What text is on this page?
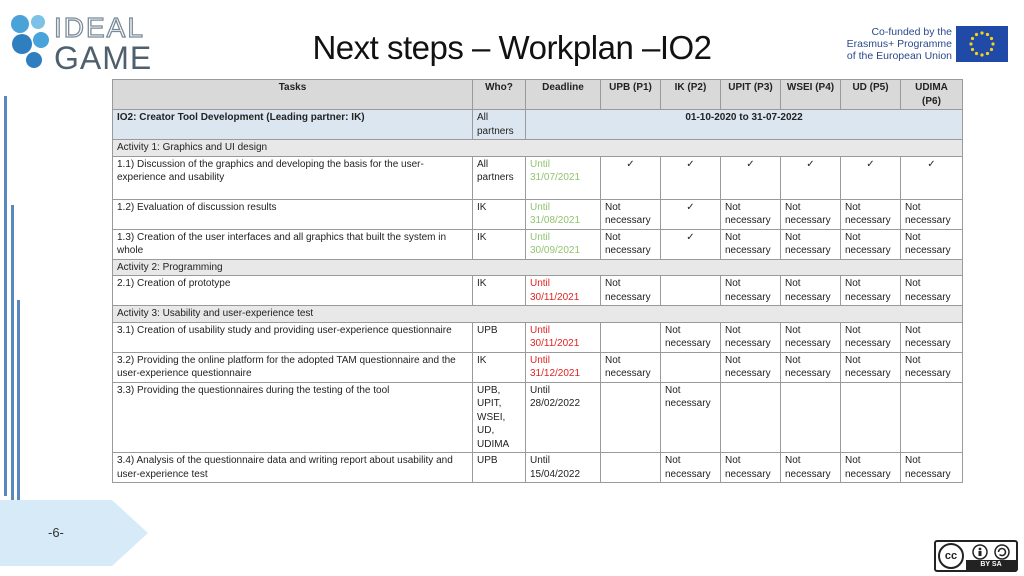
IDEAL
GAME	Next steps – Workplan –IO2	Co-funded by the
Erasmus+ Programme
of the European Union
Tasks	Who?	Deadline	UPB (P1)	IK (P2)	UPIT (P3)	WSEI (P4)	UD (P5)	UDIMA (P6)
IO2: Creator Tool Development (Leading partner: IK)	All partners	01-10-2020 to 31-07-2022						
Activity 1: Graphics and UI design								
1.1) Discussion of the graphics and developing the basis for the user-experience and usability	All partners	Until 31/07/2021	✓	✓	✓	✓	✓	✓
1.2) Evaluation of discussion results	IK	Until 31/08/2021	Not necessary	✓	Not necessary	Not necessary	Not necessary	Not necessary
1.3) Creation of the user interfaces and all graphics that built the system in whole	IK	Until 30/09/2021	Not necessary	✓	Not necessary	Not necessary	Not necessary	Not necessary
Activity 2: Programming								
2.1) Creation of prototype	IK	Until 30/11/2021	Not necessary		Not necessary	Not necessary	Not necessary	Not necessary
Activity 3: Usability and user-experience test								
3.1) Creation of usability study and providing user-experience questionnaire	UPB	Until 30/11/2021		Not necessary	Not necessary	Not necessary	Not necessary	Not necessary
3.2) Providing the online platform for the adopted TAM questionnaire and the user-experience questionnaire	IK	Until 31/12/2021	Not necessary		Not necessary	Not necessary	Not necessary	Not necessary
3.3) Providing the questionnaires during the testing of the tool	UPB, UPIT, WSEI, UD, UDIMA	Until 28/02/2022		Not necessary				
3.4) Analysis of the questionnaire data and writing report about usability and user-experience test	UPB	Until 15/04/2022		Not necessary	Not necessary	Not necessary	Not necessary	Not necessary
-6-
cc
BY SA
